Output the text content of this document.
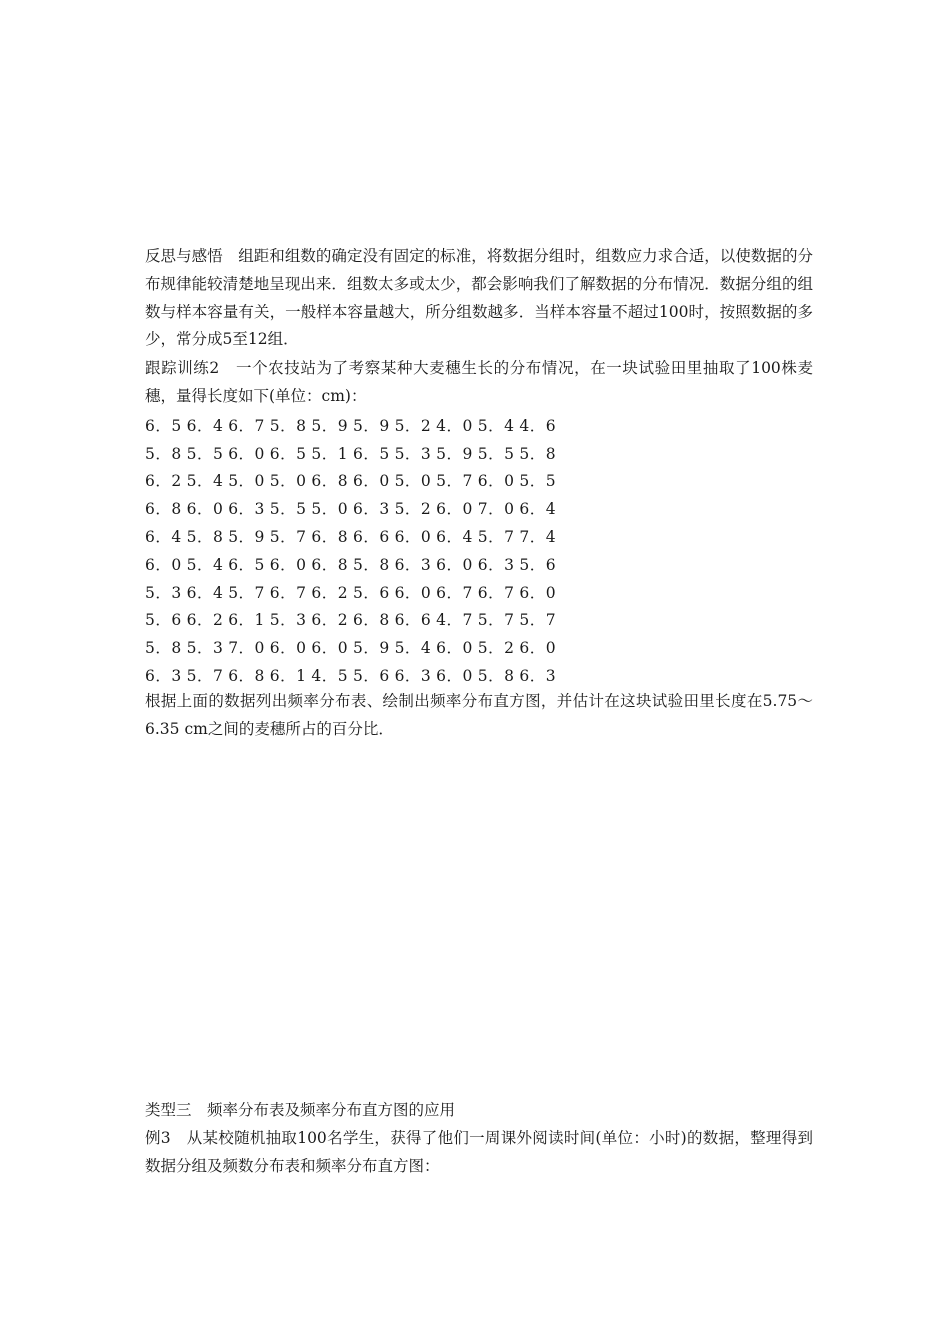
反思与感悟　组距和组数的确定没有固定的标准，将数据分组时，组数应力求合适，以使数据的分布规律能较清楚地呈现出来．组数太多或太少，都会影响我们了解数据的分布情况．数据分组的组数与样本容量有关，一般样本容量越大，所分组数越多．当样本容量不超过100时，按照数据的多少，常分成5至12组．

跟踪训练2　一个农技站为了考察某种大麦穗生长的分布情况，在一块试验田里抽取了100株麦穗，量得长度如下(单位：cm)：

6．5	6．4	6．7	5．8	5．9	5．9	5．2	4．0	5．4	4．6
5．8	5．5	6．0	6．5	5．1	6．5	5．3	5．9	5．5	5．8
6．2	5．4	5．0	5．0	6．8	6．0	5．0	5．7	6．0	5．5
6．8	6．0	6．3	5．5	5．0	6．3	5．2	6．0	7．0	6．4
6．4	5．8	5．9	5．7	6．8	6．6	6．0	6．4	5．7	7．4
6．0	5．4	6．5	6．0	6．8	5．8	6．3	6．0	6．3	5．6
5．3	6．4	5．7	6．7	6．2	5．6	6．0	6．7	6．7	6．0
5．6	6．2	6．1	5．3	6．2	6．8	6．6	4．7	5．7	5．7
5．8	5．3	7．0	6．0	6．0	5．9	5．4	6．0	5．2	6．0
6．3	5．7	6．8	6．1	4．5	5．6	6．3	6．0	5．8	6．3

根据上面的数据列出频率分布表、绘制出频率分布直方图，并估计在这块试验田里长度在5.75～6.35 cm之间的麦穗所占的百分比．

类型三　频率分布表及频率分布直方图的应用
例3　从某校随机抽取100名学生，获得了他们一周课外阅读时间(单位：小时)的数据，整理得到数据分组及频数分布表和频率分布直方图：
